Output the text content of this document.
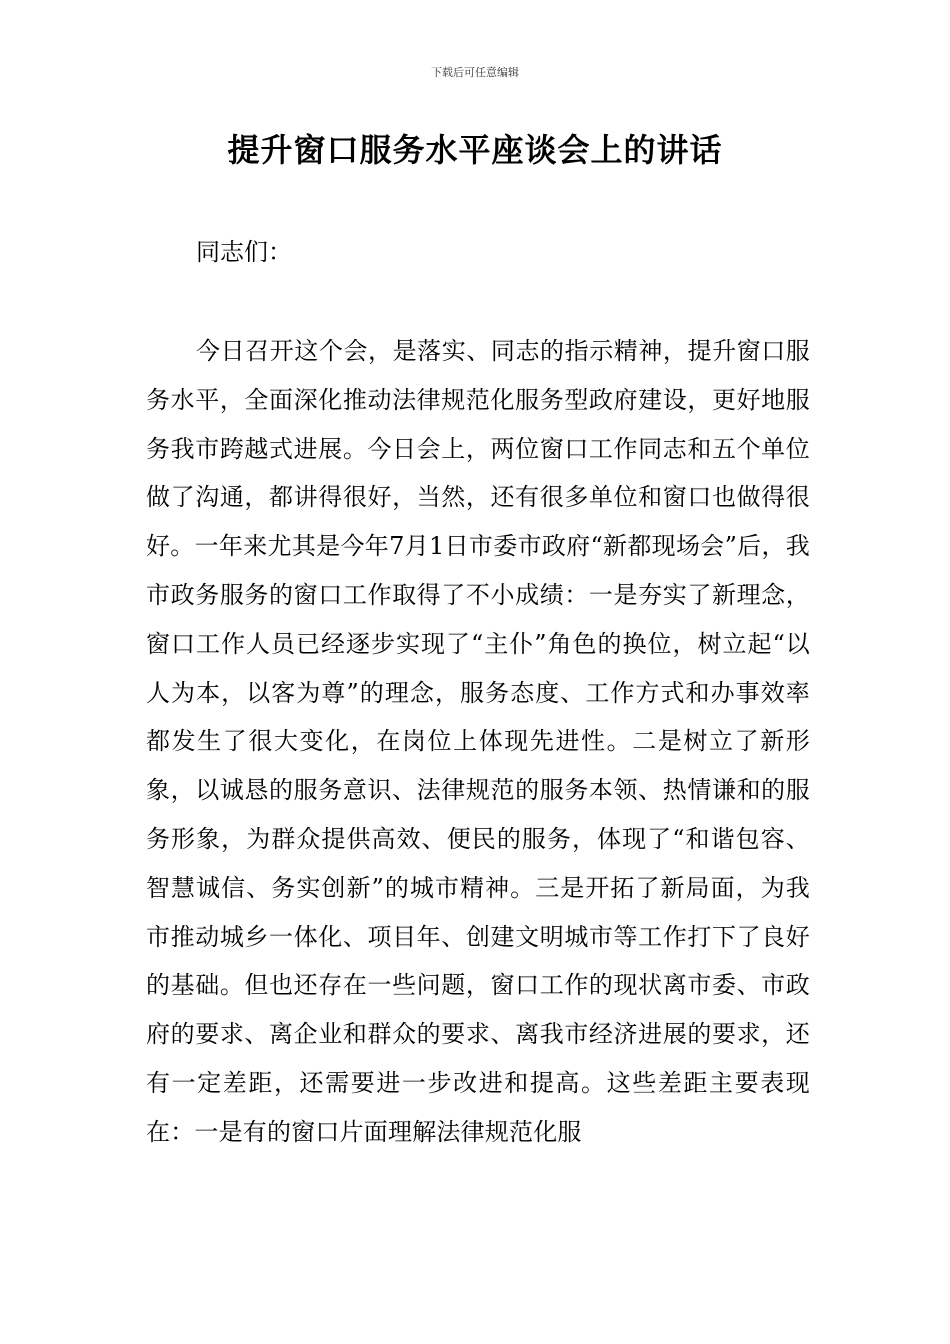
下载后可任意编辑
提升窗口服务水平座谈会上的讲话

同志们：

今日召开这个会，是落实、同志的指示精神，提升窗口服务水平，全面深化推动法律规范化服务型政府建设，更好地服务我市跨越式进展。今日会上，两位窗口工作同志和五个单位做了沟通，都讲得很好，当然，还有很多单位和窗口也做得很好。一年来尤其是今年7月1日市委市政府“新都现场会”后，我市政务服务的窗口工作取得了不小成绩：一是夯实了新理念，窗口工作人员已经逐步实现了“主仆”角色的换位，树立起“以人为本，以客为尊”的理念，服务态度、工作方式和办事效率都发生了很大变化，在岗位上体现先进性。二是树立了新形象，以诚恳的服务意识、法律规范的服务本领、热情谦和的服务形象，为群众提供高效、便民的服务，体现了“和谐包容、智慧诚信、务实创新”的城市精神。三是开拓了新局面，为我市推动城乡一体化、项目年、创建文明城市等工作打下了良好的基础。但也还存在一些问题，窗口工作的现状离市委、市政府的要求、离企业和群众的要求、离我市经济进展的要求，还有一定差距，还需要进一步改进和提高。这些差距主要表现在：一是有的窗口片面理解法律规范化服
